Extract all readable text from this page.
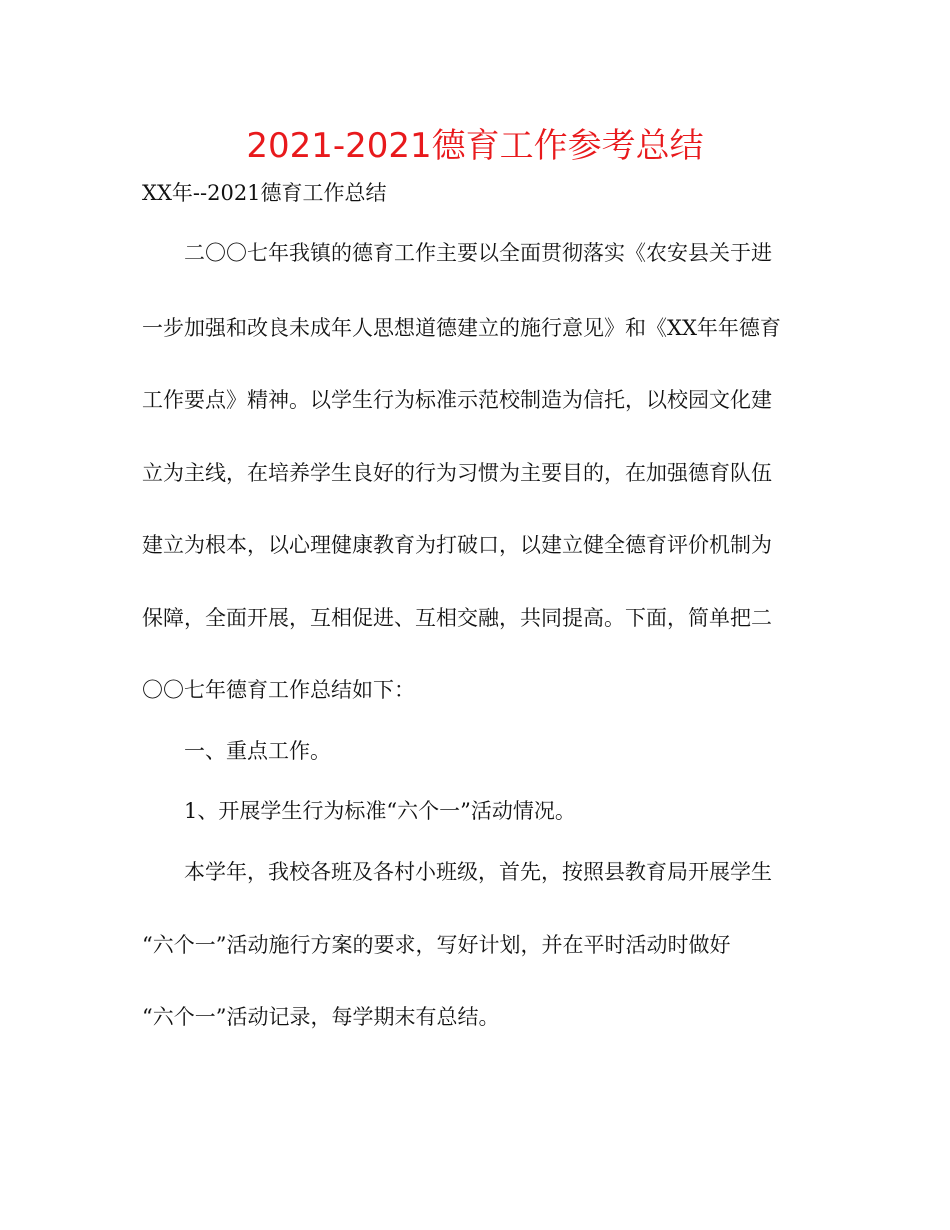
2021-2021德育工作参考总结

XX年--2021德育工作总结

二〇〇七年我镇的德育工作主要以全面贯彻落实《农安县关于进

一步加强和改良未成年人思想道德建立的施行意见》和《XX年年德育

工作要点》精神。以学生行为标准示范校制造为信托，以校园文化建

立为主线，在培养学生良好的行为习惯为主要目的，在加强德育队伍

建立为根本，以心理健康教育为打破口，以建立健全德育评价机制为

保障，全面开展，互相促进、互相交融，共同提高。下面，简单把二

〇〇七年德育工作总结如下：

一、重点工作。

1、开展学生行为标准“六个一”活动情况。

本学年，我校各班及各村小班级，首先，按照县教育局开展学生

“六个一”活动施行方案的要求，写好计划，并在平时活动时做好

“六个一”活动记录，每学期末有总结。
